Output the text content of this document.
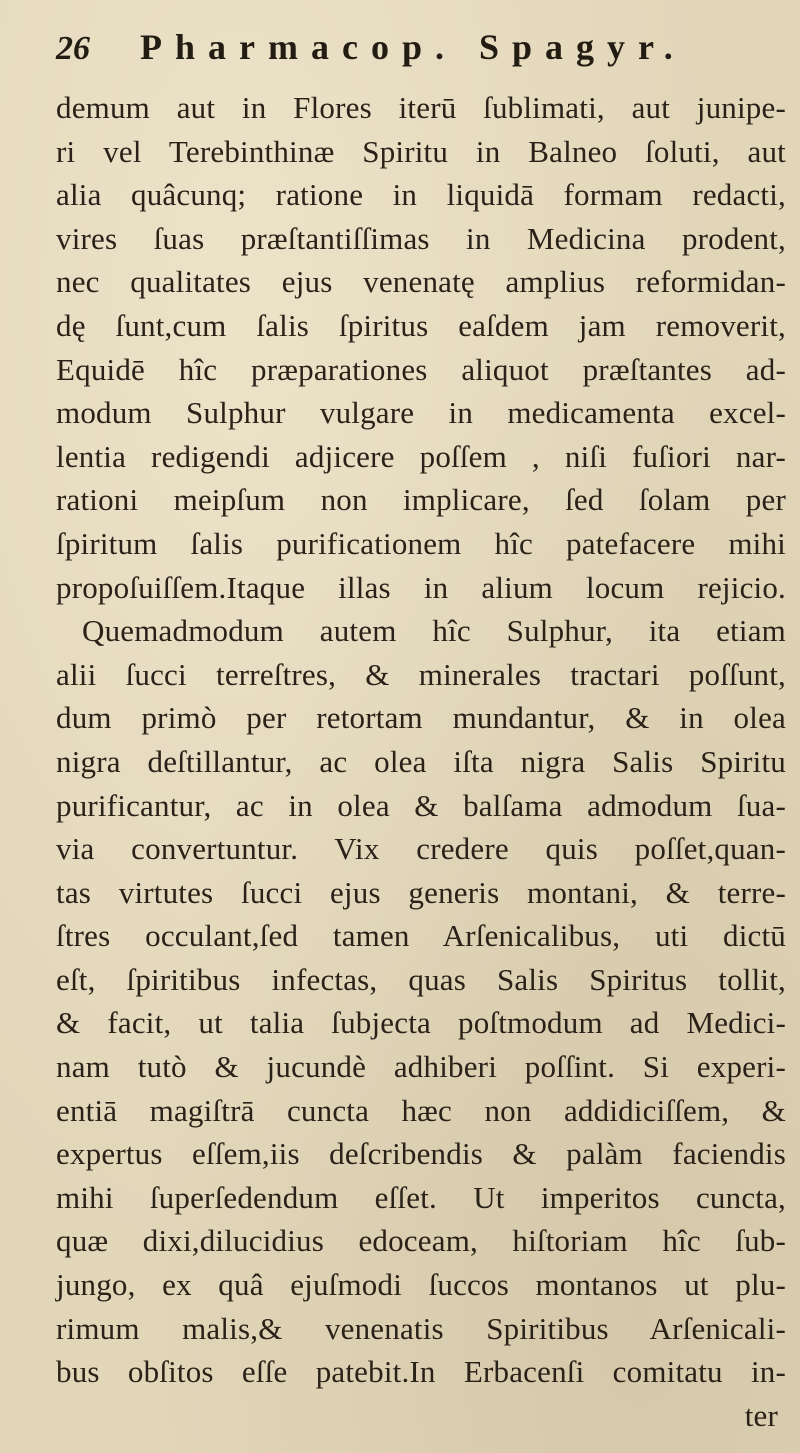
26	Pharmacop. Spagyr.
demum aut in Flores iterū ſublimati, aut junipe-
ri vel Terebinthinæ Spiritu in Balneo ſoluti, aut
alia quâcunq; ratione in liquidā formam redacti,
vires ſuas præſtantiſſimas in Medicina prodent,
nec qualitates ejus venenatę amplius reformidan-
dę ſunt,cum ſalis ſpiritus eaſdem jam removerit,
Equidē hîc præparationes aliquot præſtantes ad-
modum Sulphur vulgare in medicamenta excel-
lentia redigendi adjicere poſſem , niſi fuſiori nar-
rationi meipſum non implicare, ſed ſolam per
ſpiritum ſalis purificationem hîc patefacere mihi
propoſuiſſem.Itaque illas in alium locum rejicio.
Quemadmodum autem hîc Sulphur, ita etiam
alii ſucci terreſtres, & minerales tractari poſſunt,
dum primò per retortam mundantur, & in olea
nigra deſtillantur, ac olea iſta nigra Salis Spiritu
purificantur, ac in olea & balſama admodum ſua-
via convertuntur. Vix credere quis poſſet,quan-
tas virtutes ſucci ejus generis montani, & terre-
ſtres occulant,ſed tamen Arſenicalibus, uti dictū
eſt, ſpiritibus infectas, quas Salis Spiritus tollit,
& facit, ut talia ſubjecta poſtmodum ad Medici-
nam tutò & jucundè adhiberi poſſint. Si experi-
entiā magiſtrā cuncta hæc non addidiciſſem, &
expertus eſſem,iis deſcribendis & palàm faciendis
mihi ſuperſedendum eſſet. Ut imperitos cuncta,
quæ dixi,dilucidius edoceam, hiſtoriam hîc ſub-
jungo, ex quâ ejuſmodi ſuccos montanos ut plu-
rimum malis,& venenatis Spiritibus Arſenicali-
bus obſitos eſſe patebit.In Erbacenſi comitatu in-
ter
